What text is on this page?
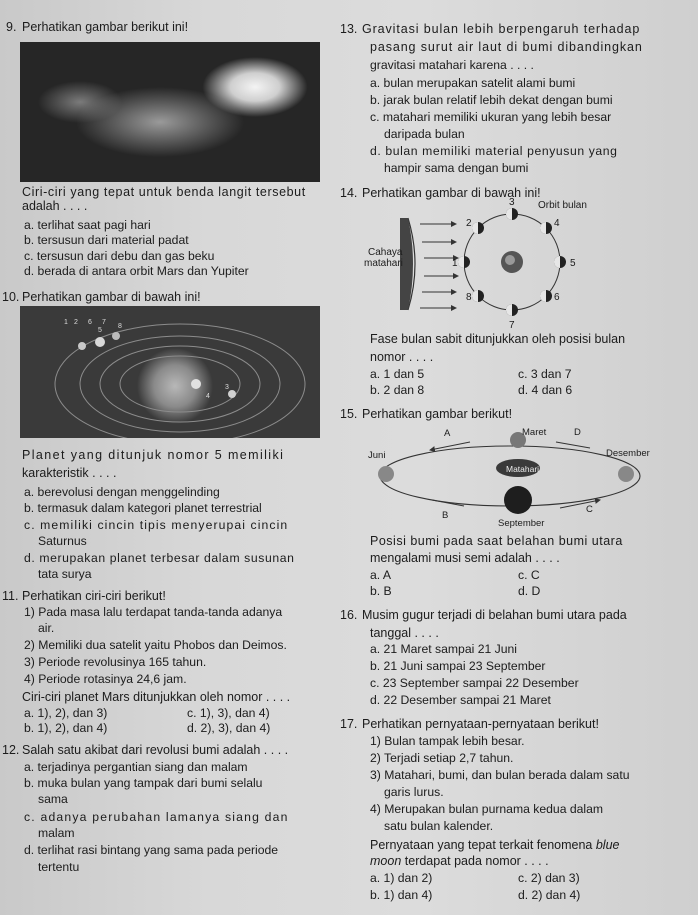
9. Perhatikan gambar berikut ini!
Ciri-ciri yang tepat untuk benda langit tersebut
adalah . . . .
a. terlihat saat pagi hari
b. tersusun dari material padat
c. tersusun dari debu dan gas beku
d. berada di antara orbit Mars dan Yupiter
10. Perhatikan gambar di bawah ini!
1 2
3
4
5
6 7
8
Planet yang ditunjuk nomor 5 memiliki
karakteristik . . . .
a. berevolusi dengan menggelinding
b. termasuk dalam kategori planet terrestrial
c. memiliki cincin tipis menyerupai cincin
Saturnus
d. merupakan planet terbesar dalam susunan
tata surya
11. Perhatikan ciri-ciri berikut!
1) Pada masa lalu terdapat tanda-tanda adanya
air.
2) Memiliki dua satelit yaitu Phobos dan Deimos.
3) Periode revolusinya 165 tahun.
4) Periode rotasinya 24,6 jam.
Ciri-ciri planet Mars ditunjukkan oleh nomor . . . .
a. 1), 2), dan 3)
b. 1), 2), dan 4)
c. 1), 3), dan 4)
d. 2), 3), dan 4)
12. Salah satu akibat dari revolusi bumi adalah . . . .
a. terjadinya pergantian siang dan malam
b. muka bulan yang tampak dari bumi selalu
sama
c. adanya perubahan lamanya siang dan
malam
d. terlihat rasi bintang yang sama pada periode
tertentu
13. Gravitasi bulan lebih berpengaruh terhadap
pasang surut air laut di bumi dibandingkan
gravitasi matahari karena . . . .
a. bulan merupakan satelit alami bumi
b. jarak bulan relatif lebih dekat dengan bumi
c. matahari memiliki ukuran yang lebih besar
daripada bulan
d. bulan memiliki material penyusun yang
hampir sama dengan bumi
14. Perhatikan gambar di bawah ini!
Orbit bulan
Cahaya
matahari	1
2
3
4
5
6
7
8
Fase bulan sabit ditunjukkan oleh posisi bulan
nomor . . . .
a. 1 dan 5
b. 2 dan 8
c. 3 dan 7
d. 4 dan 6
15. Perhatikan gambar berikut!
A	Maret	D
Juni	Desember
Matahari
C
B
September
Posisi bumi pada saat belahan bumi utara
mengalami musi semi adalah . . . .
a. A
b. B
c. C
d. D
16. Musim gugur terjadi di belahan bumi utara pada
tanggal . . . .
a. 21 Maret sampai 21 Juni
b. 21 Juni sampai 23 September
c. 23 September sampai 22 Desember
d. 22 Desember sampai 21 Maret
17. Perhatikan pernyataan-pernyataan berikut!
1) Bulan tampak lebih besar.
2) Terjadi setiap 2,7 tahun.
3) Matahari, bumi, dan bulan berada dalam satu
garis lurus.
4) Merupakan bulan purnama kedua dalam
satu bulan kalender.
Pernyataan yang tepat terkait fenomena blue
moon terdapat pada nomor . . . .
a. 1) dan 2)
b. 1) dan 4)
c. 2) dan 3)
d. 2) dan 4)
